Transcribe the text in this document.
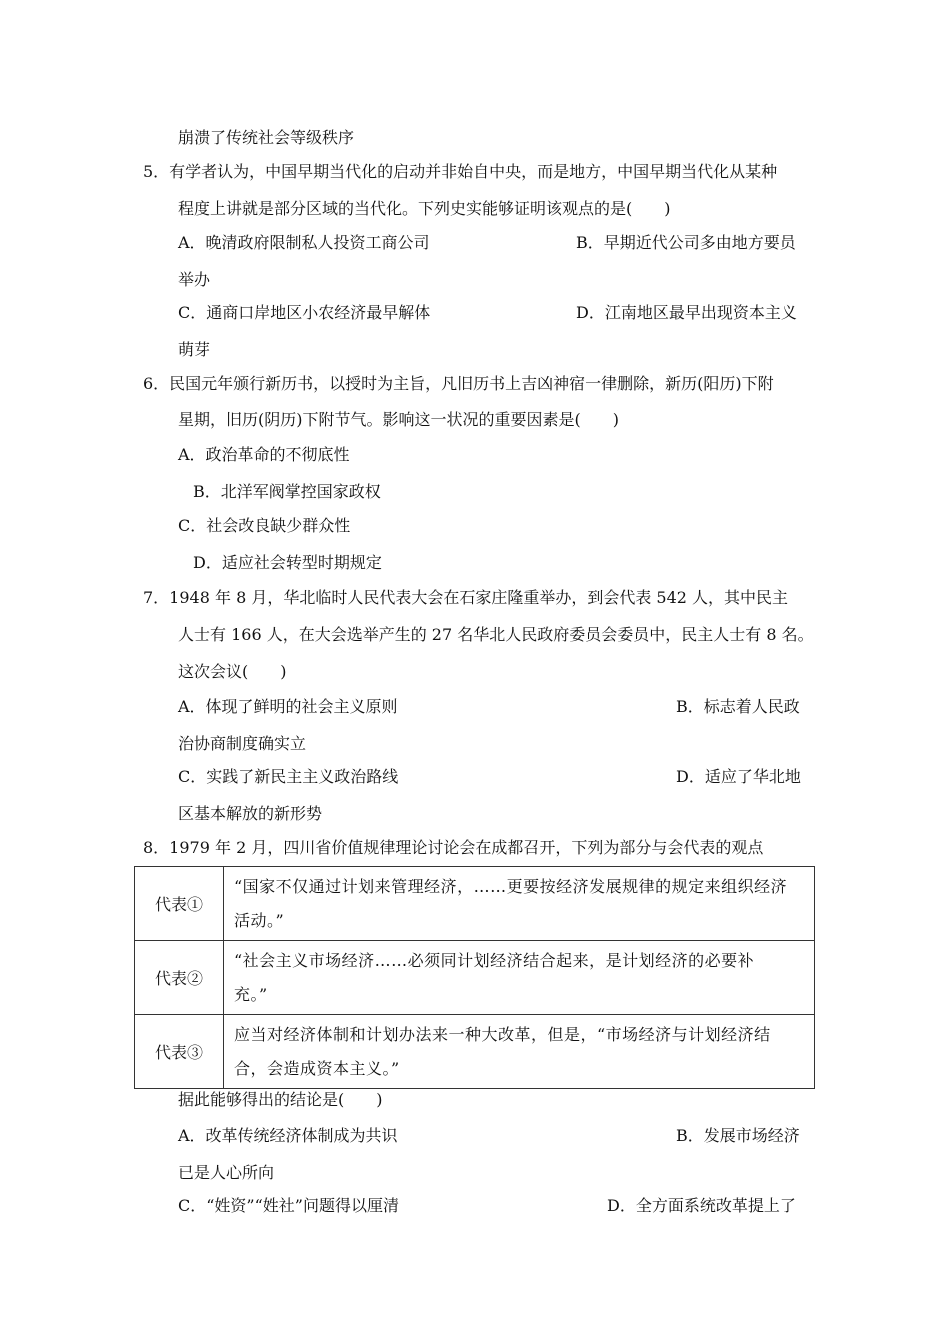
崩溃了传统社会等级秩序
5．有学者认为，中国早期当代化的启动并非始自中央，而是地方，中国早期当代化从某种
程度上讲就是部分区域的当代化。下列史实能够证明该观点的是(　　)
A．晚清政府限制私人投资工商公司	B．早期近代公司多由地方要员
举办
C．通商口岸地区小农经济最早解体	D．江南地区最早出现资本主义
萌芽
6．民国元年颁行新历书，以授时为主旨，凡旧历书上吉凶神宿一律删除，新历(阳历)下附
星期，旧历(阴历)下附节气。影响这一状况的重要因素是(　　)
A．政治革命的不彻底性
B．北洋军阀掌控国家政权
C．社会改良缺少群众性
D．适应社会转型时期规定
7．1948 年 8 月，华北临时人民代表大会在石家庄隆重举办，到会代表 542 人，其中民主
人士有 166 人，在大会选举产生的 27 名华北人民政府委员会委员中，民主人士有 8 名。
这次会议(　　)
A．体现了鲜明的社会主义原则	B．标志着人民政
治协商制度确实立
C．实践了新民主主义政治路线	D．适应了华北地
区基本解放的新形势
8．1979 年 2 月，四川省价值规律理论讨论会在成都召开，下列为部分与会代表的观点
代表①	“国家不仅通过计划来管理经济，……更要按经济发展规律的规定来组织经济
活动。”

代表②	“社会主义市场经济……必须同计划经济结合起来，是计划经济的必要补
充。”

代表③	应当对经济体制和计划办法来一种大改革，但是，“市场经济与计划经济结
合，会造成资本主义。”
据此能够得出的结论是(　　)
A．改革传统经济体制成为共识	B．发展市场经济
已是人心所向
C．“姓资”“姓社”问题得以厘清	D．全方面系统改革提上了
